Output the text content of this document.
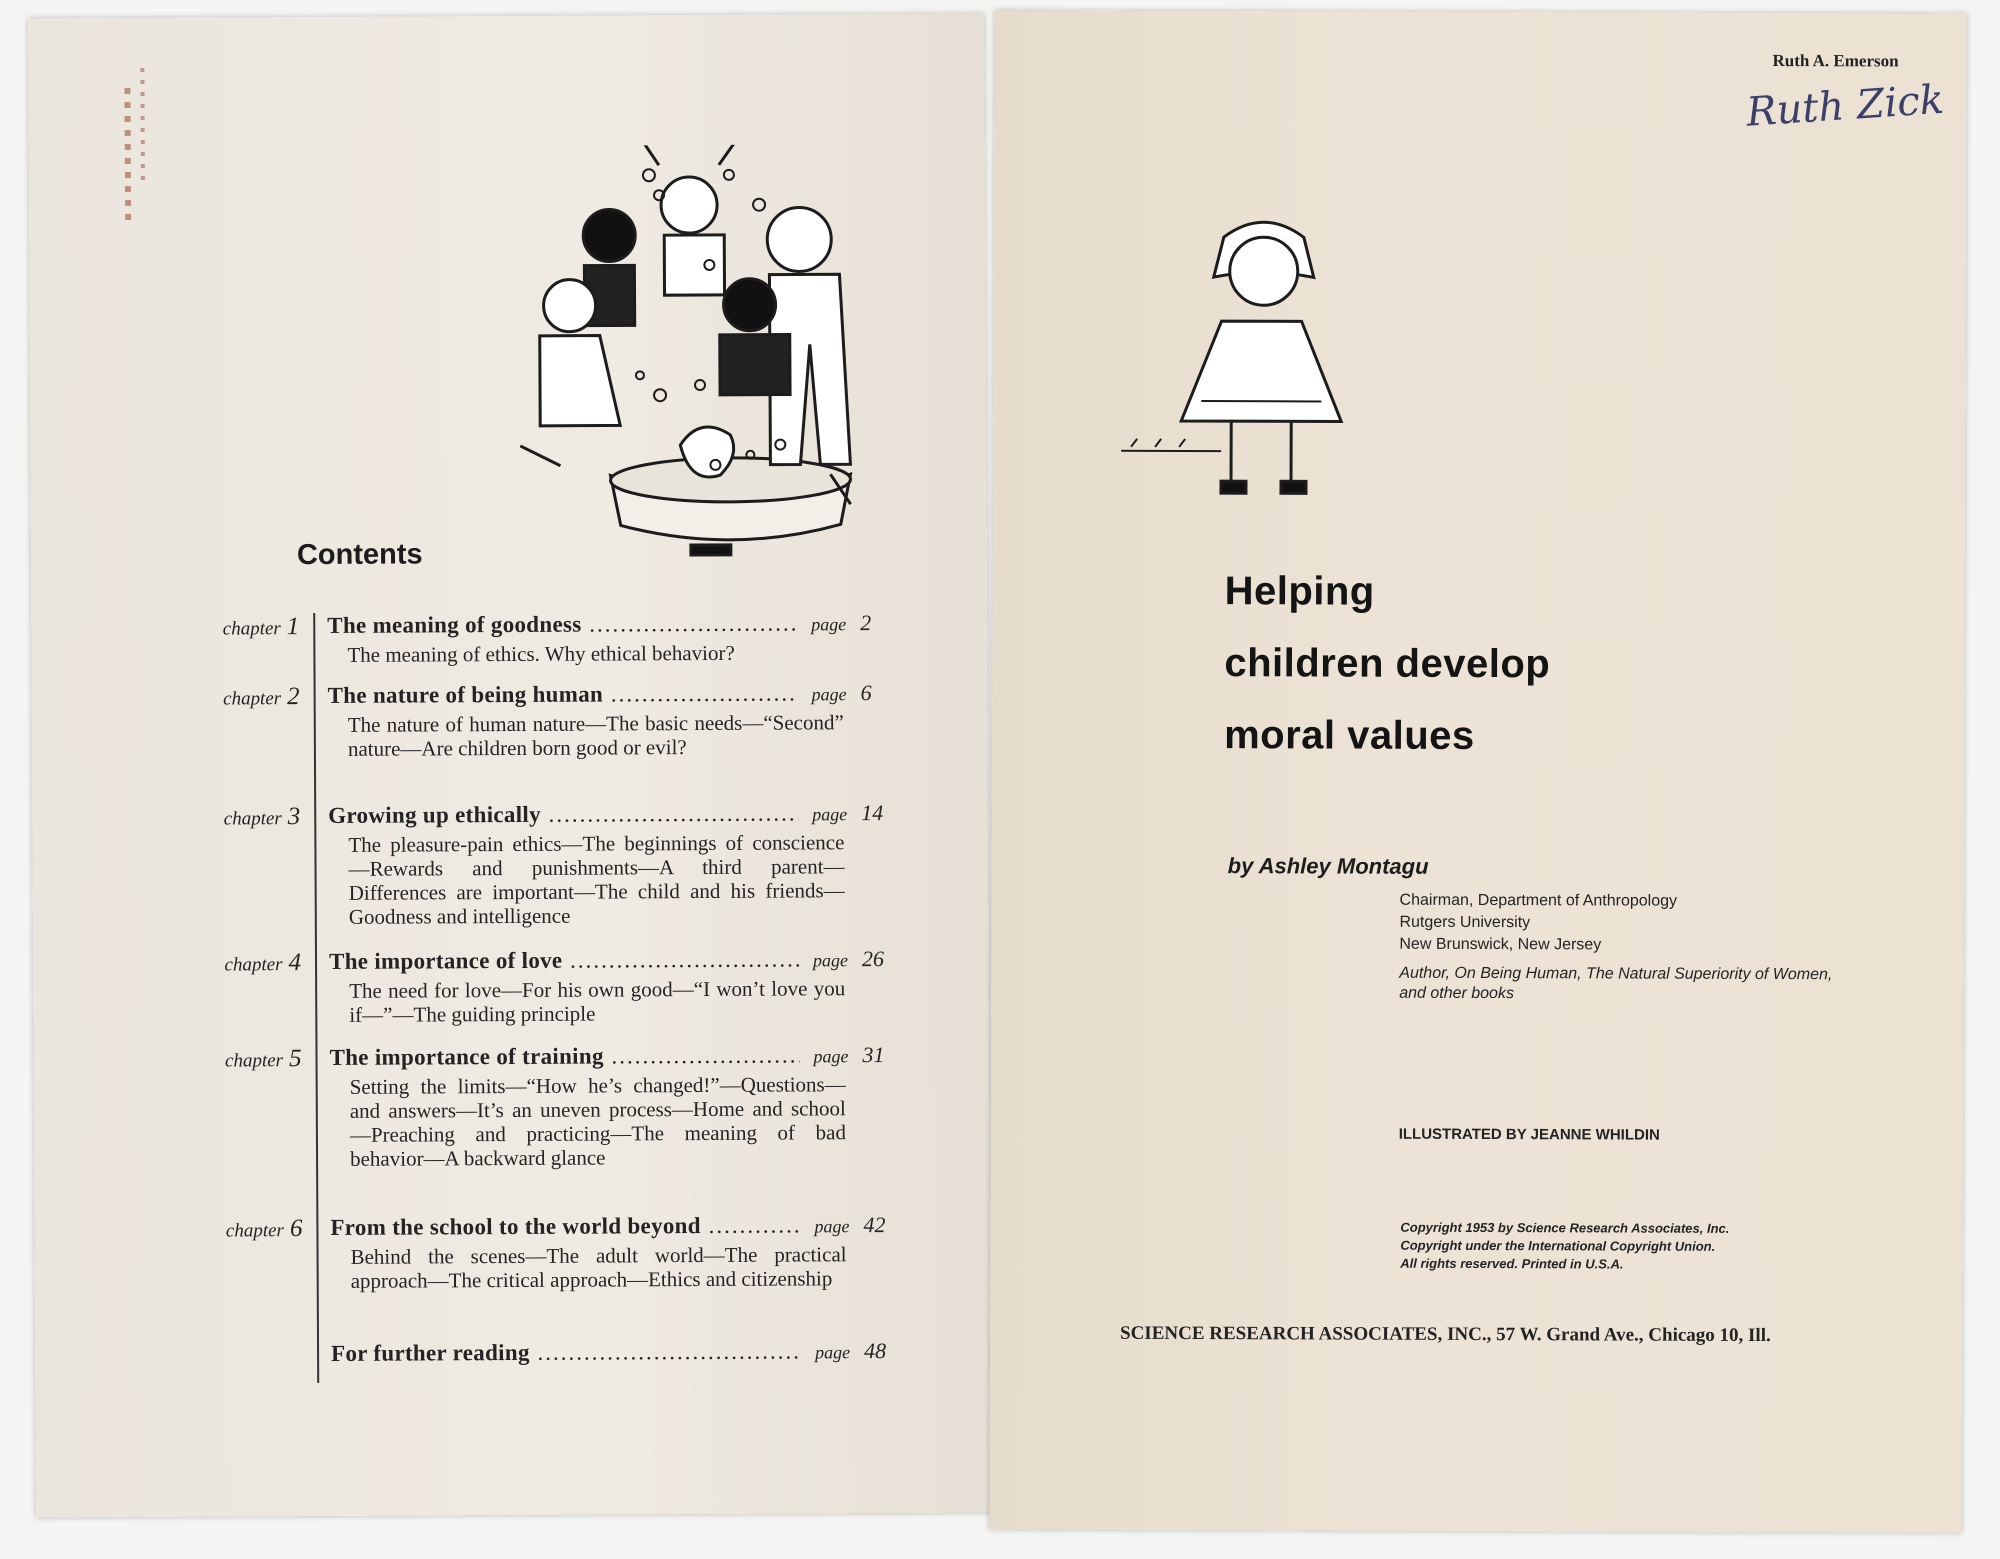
Contents
chapter 1 The meaning of goodness .....	page 2
The meaning of ethics. Why ethical behavior?
chapter 2 The nature of being human .....	page 6
The nature of human nature—The basic needs—“Second” nature—Are children born good or evil?
chapter 3 Growing up ethically .....	page 14
The pleasure-pain ethics—The beginnings of conscience—Rewards and punishments—A third parent—Differences are important—The child and his friends—Goodness and intelligence
chapter 4 The importance of love .....	page 26
The need for love—For his own good—“I won’t love you if—”—The guiding principle
chapter 5 The importance of training .....	page 31
Setting the limits—“How he’s changed!”—Questions—and answers—It’s an uneven process—Home and school—Preaching and practicing—The meaning of bad behavior—A backward glance
chapter 6 From the school to the world beyond .....	page 42
Behind the scenes—The adult world—The practical approach—The critical approach—Ethics and citizenship
For further reading .....	page 48
Ruth A. Emerson
Ruth Zick
Helping
children develop
moral values
by Ashley Montagu
Chairman, Department of Anthropology
Rutgers University
New Brunswick, New Jersey
Author, On Being Human, The Natural Superiority of Women, and other books
ILLUSTRATED BY JEANNE WHILDIN
Copyright 1953 by Science Research Associates, Inc.
Copyright under the International Copyright Union.
All rights reserved. Printed in U.S.A.
SCIENCE RESEARCH ASSOCIATES, INC., 57 W. Grand Ave., Chicago 10, Ill.
